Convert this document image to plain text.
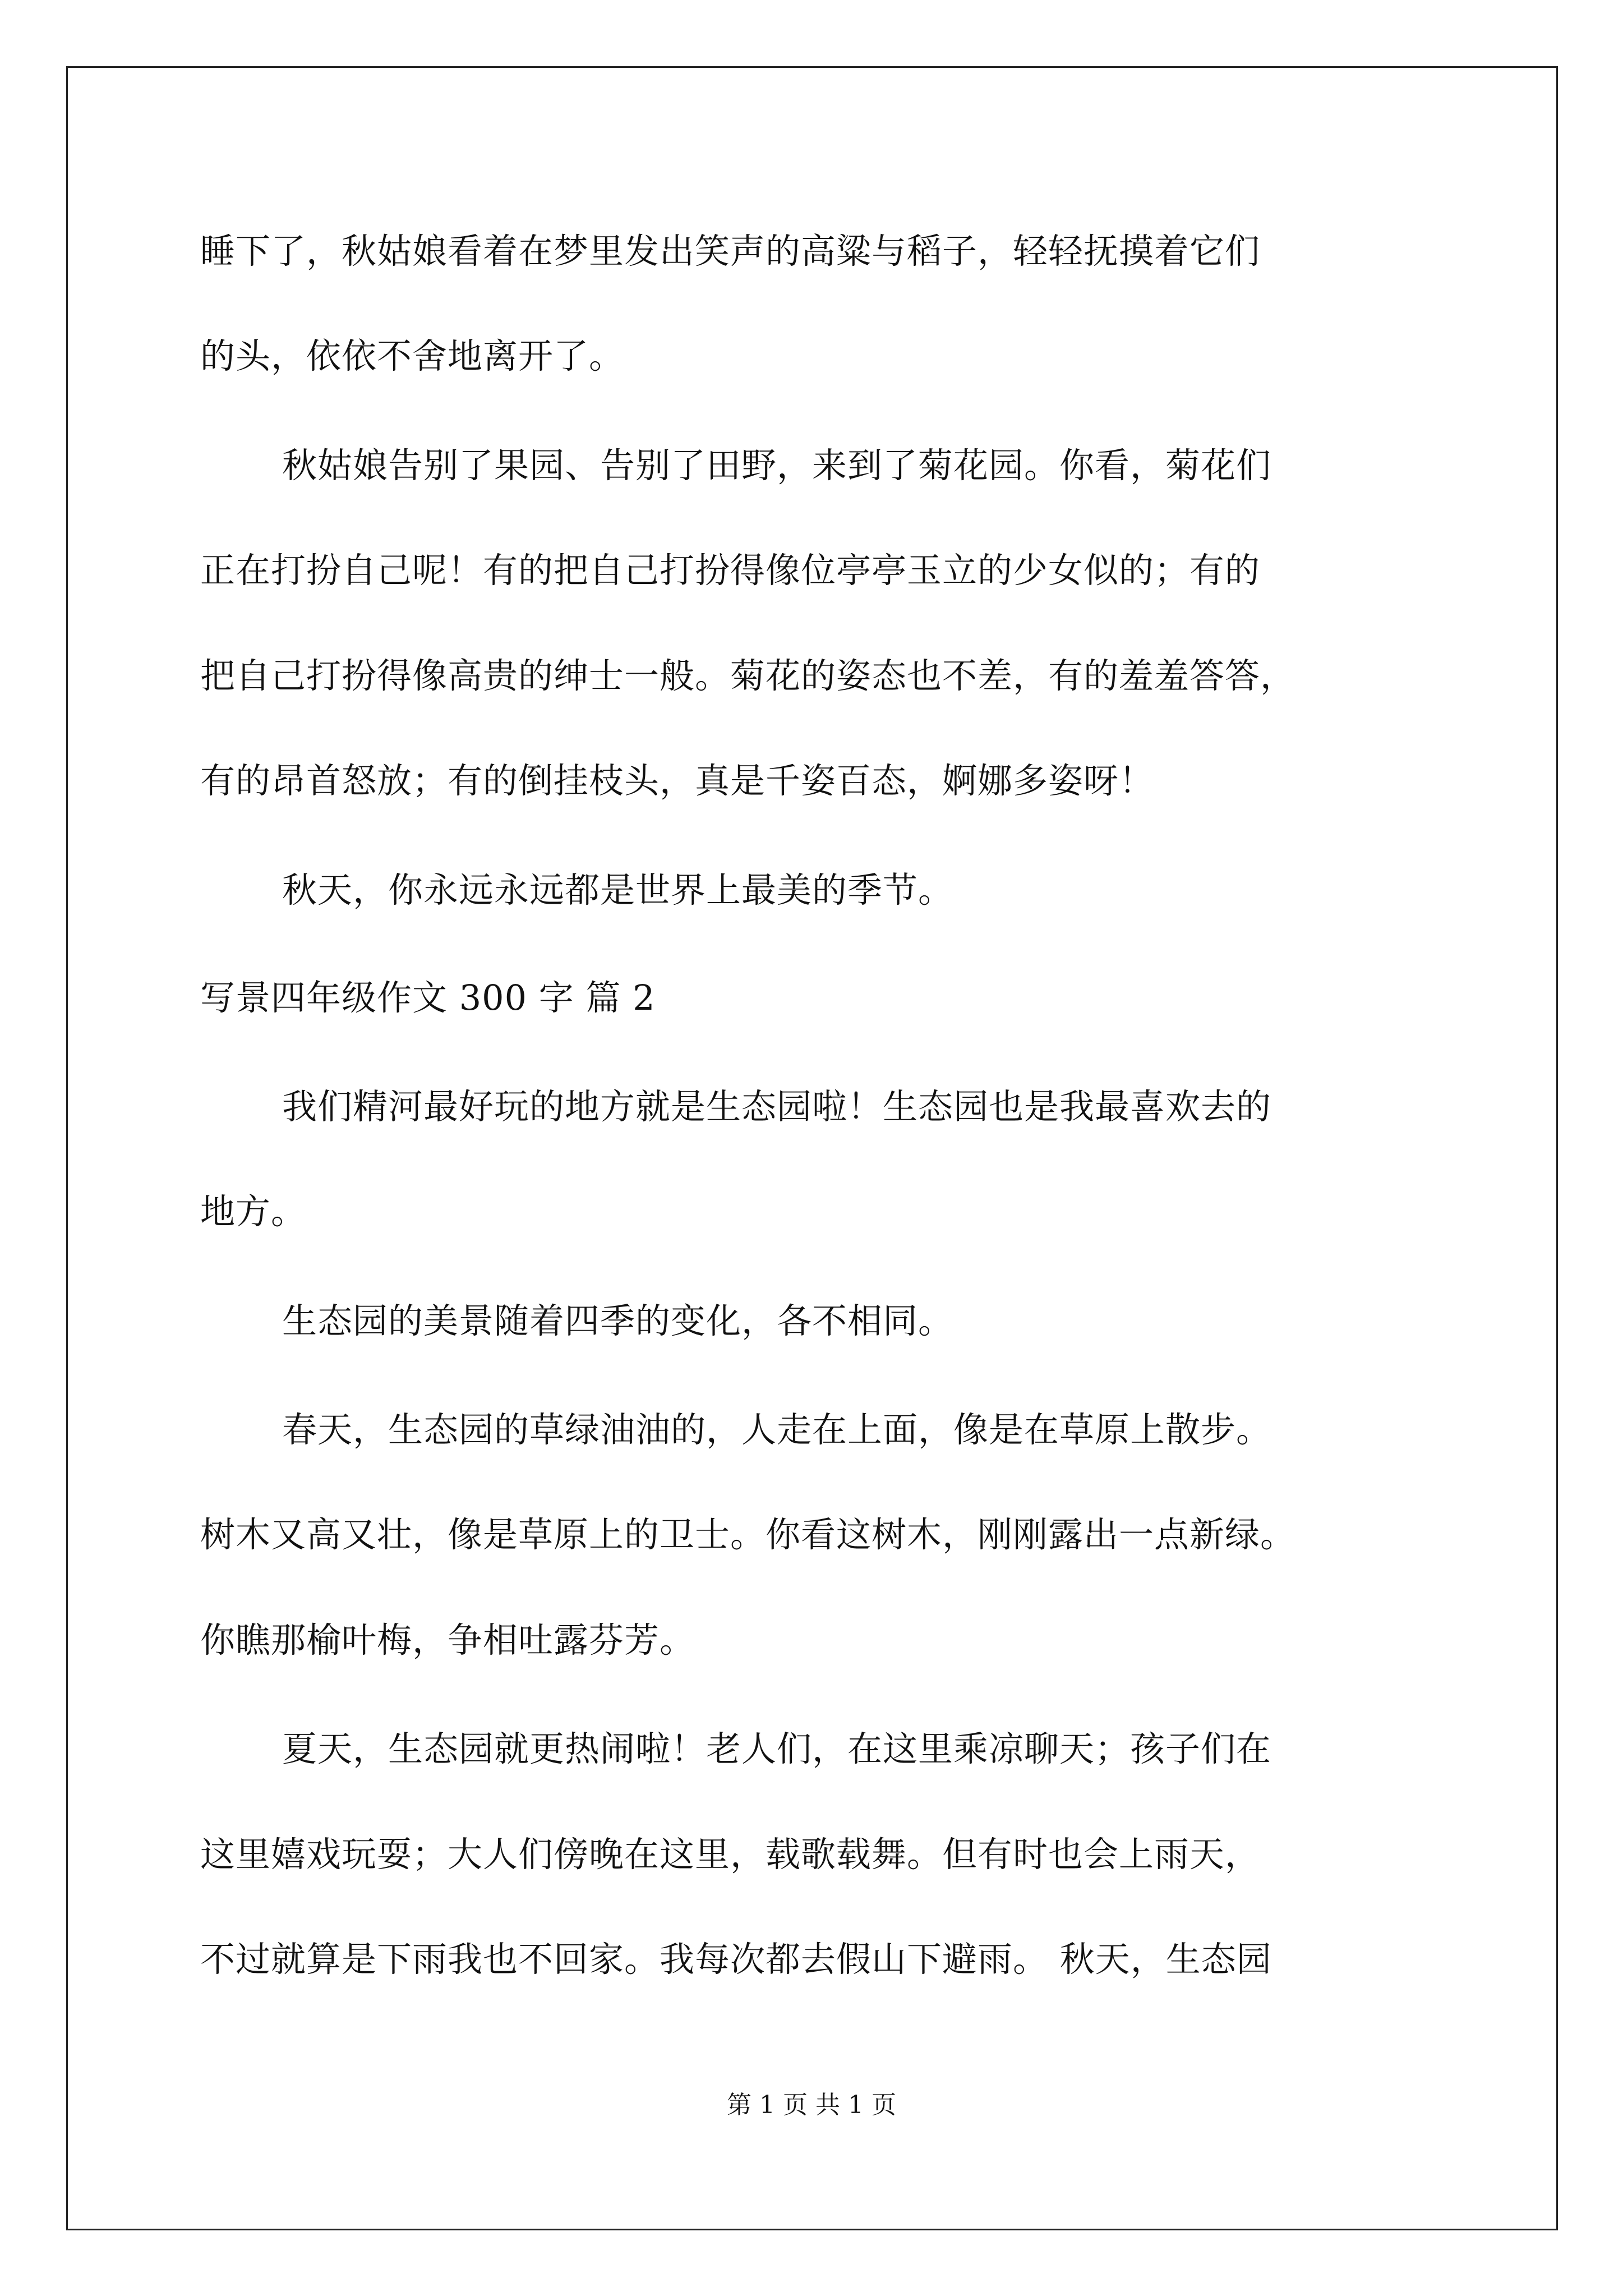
睡下了，秋姑娘看着在梦里发出笑声的高粱与稻子，轻轻抚摸着它们
的头，依依不舍地离开了。
秋姑娘告别了果园、告别了田野，来到了菊花园。你看，菊花们
正在打扮自己呢！有的把自己打扮得像位亭亭玉立的少女似的；有的
把自己打扮得像高贵的绅士一般。菊花的姿态也不差，有的羞羞答答，
有的昂首怒放；有的倒挂枝头，真是千姿百态，婀娜多姿呀！
秋天，你永远永远都是世界上最美的季节。
写景四年级作文 300 字 篇 2
我们精河最好玩的地方就是生态园啦！生态园也是我最喜欢去的
地方。
生态园的美景随着四季的变化，各不相同。
春天，生态园的草绿油油的，人走在上面，像是在草原上散步。
树木又高又壮，像是草原上的卫士。你看这树木，刚刚露出一点新绿。
你瞧那榆叶梅，争相吐露芬芳。
夏天，生态园就更热闹啦！老人们，在这里乘凉聊天；孩子们在
这里嬉戏玩耍；大人们傍晚在这里，载歌载舞。但有时也会上雨天，
不过就算是下雨我也不回家。我每次都去假山下避雨。 秋天，生态园
第 1 页 共 1 页
